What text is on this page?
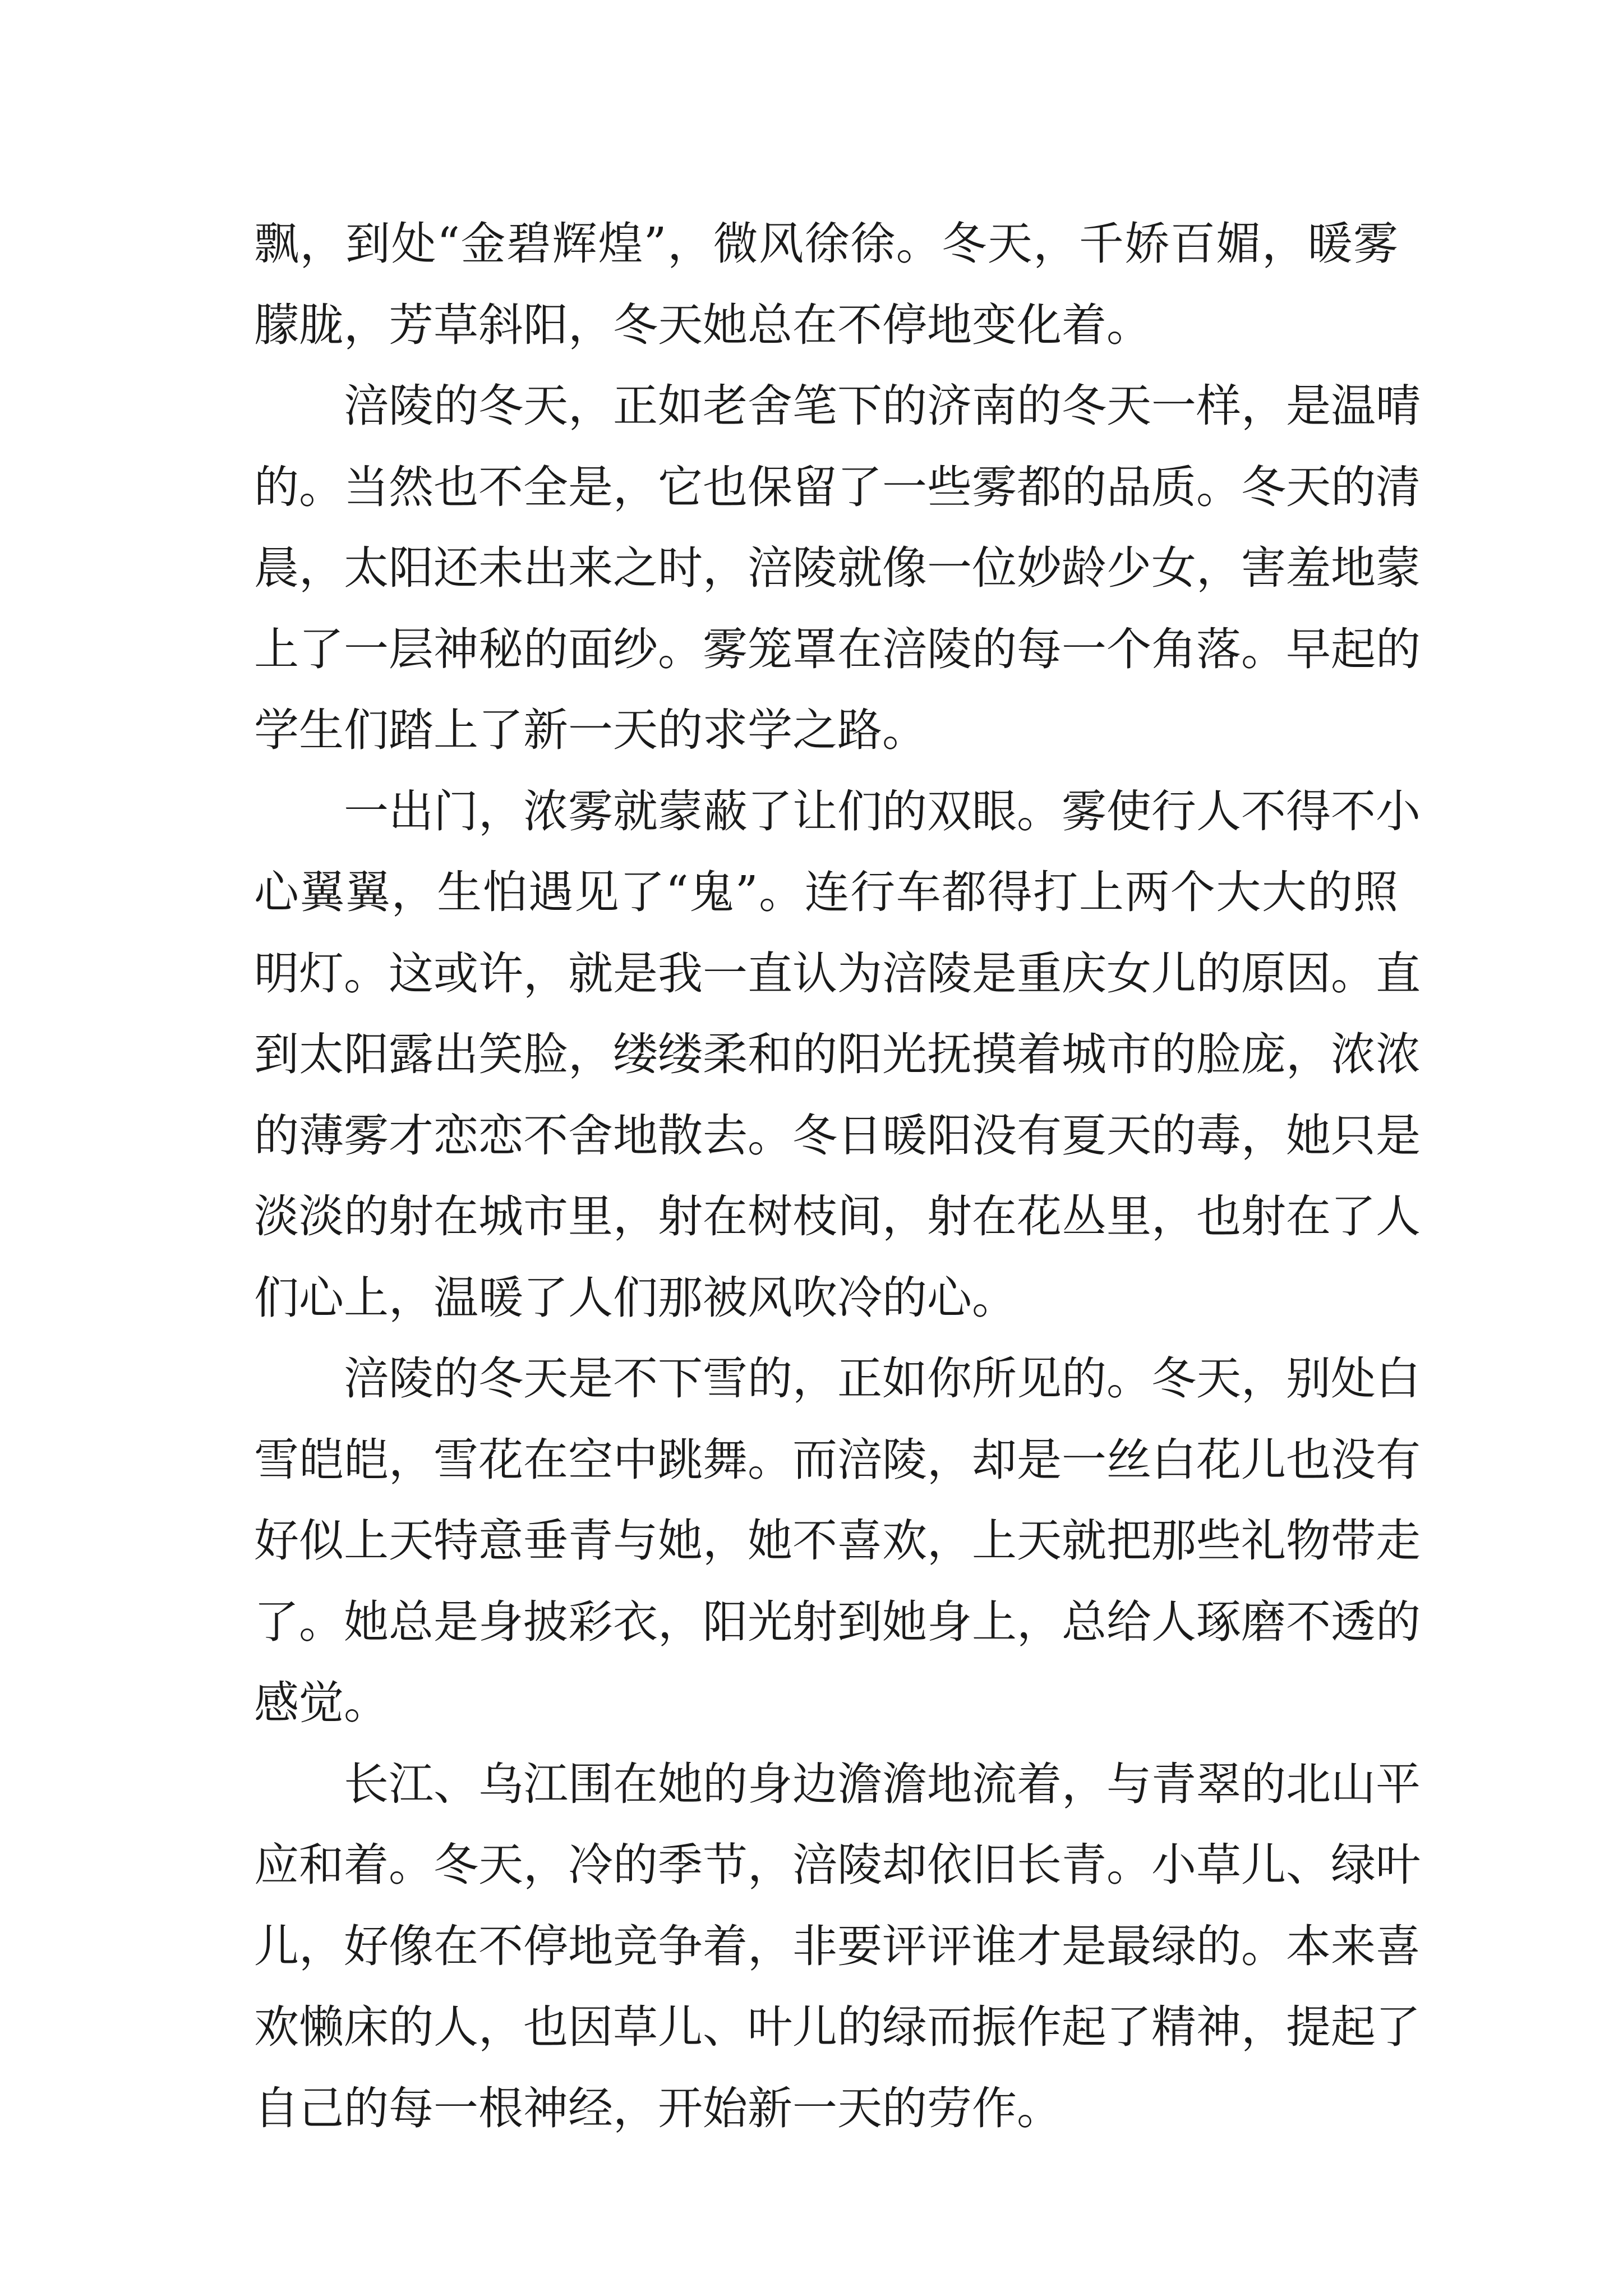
飘，到处“金碧辉煌”，微风徐徐。冬天，千娇百媚，暖雾
朦胧，芳草斜阳，冬天她总在不停地变化着。
涪陵的冬天，正如老舍笔下的济南的冬天一样，是温晴
的。当然也不全是，它也保留了一些雾都的品质。冬天的清
晨，太阳还未出来之时，涪陵就像一位妙龄少女，害羞地蒙
上了一层神秘的面纱。雾笼罩在涪陵的每一个角落。早起的
学生们踏上了新一天的求学之路。
一出门，浓雾就蒙蔽了让们的双眼。雾使行人不得不小
心翼翼，生怕遇见了“鬼”。连行车都得打上两个大大的照
明灯。这或许，就是我一直认为涪陵是重庆女儿的原因。直
到太阳露出笑脸，缕缕柔和的阳光抚摸着城市的脸庞，浓浓
的薄雾才恋恋不舍地散去。冬日暖阳没有夏天的毒，她只是
淡淡的射在城市里，射在树枝间，射在花丛里，也射在了人
们心上，温暖了人们那被风吹冷的心。
涪陵的冬天是不下雪的，正如你所见的。冬天，别处白
雪皑皑，雪花在空中跳舞。而涪陵，却是一丝白花儿也没有
好似上天特意垂青与她，她不喜欢，上天就把那些礼物带走
了。她总是身披彩衣，阳光射到她身上，总给人琢磨不透的
感觉。
长江、乌江围在她的身边澹澹地流着，与青翠的北山平
应和着。冬天，冷的季节，涪陵却依旧长青。小草儿、绿叶
儿，好像在不停地竞争着，非要评评谁才是最绿的。本来喜
欢懒床的人，也因草儿、叶儿的绿而振作起了精神，提起了
自己的每一根神经，开始新一天的劳作。
